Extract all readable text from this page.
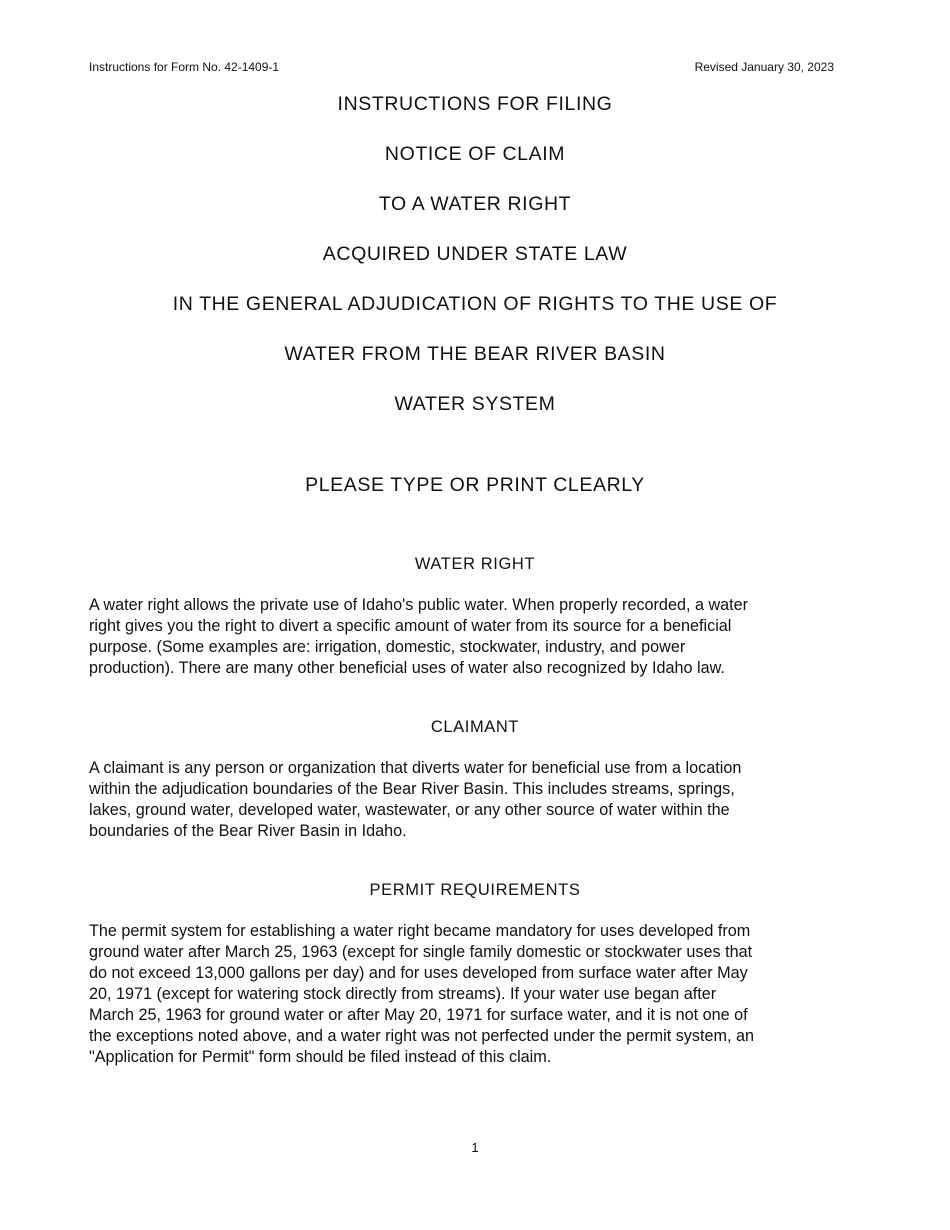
Instructions for Form No. 42-1409-1	Revised January 30, 2023
INSTRUCTIONS FOR FILING
NOTICE OF CLAIM
TO A WATER RIGHT
ACQUIRED UNDER STATE LAW
IN THE GENERAL ADJUDICATION OF RIGHTS TO THE USE OF
WATER FROM THE BEAR RIVER BASIN
WATER SYSTEM
PLEASE TYPE OR PRINT CLEARLY
WATER RIGHT
A water right allows the private use of Idaho's public water. When properly recorded, a water
right gives you the right to divert a specific amount of water from its source for a beneficial
purpose. (Some examples are: irrigation, domestic, stockwater, industry, and power
production). There are many other beneficial uses of water also recognized by Idaho law.
CLAIMANT
A claimant is any person or organization that diverts water for beneficial use from a location
within the adjudication boundaries of the Bear River Basin. This includes streams, springs,
lakes, ground water, developed water, wastewater, or any other source of water within the
boundaries of the Bear River Basin in Idaho.
PERMIT REQUIREMENTS
The permit system for establishing a water right became mandatory for uses developed from
ground water after March 25, 1963 (except for single family domestic or stockwater uses that
do not exceed 13,000 gallons per day) and for uses developed from surface water after May
20, 1971 (except for watering stock directly from streams). If your water use began after
March 25, 1963 for ground water or after May 20, 1971 for surface water, and it is not one of
the exceptions noted above, and a water right was not perfected under the permit system, an
"Application for Permit" form should be filed instead of this claim.
1
